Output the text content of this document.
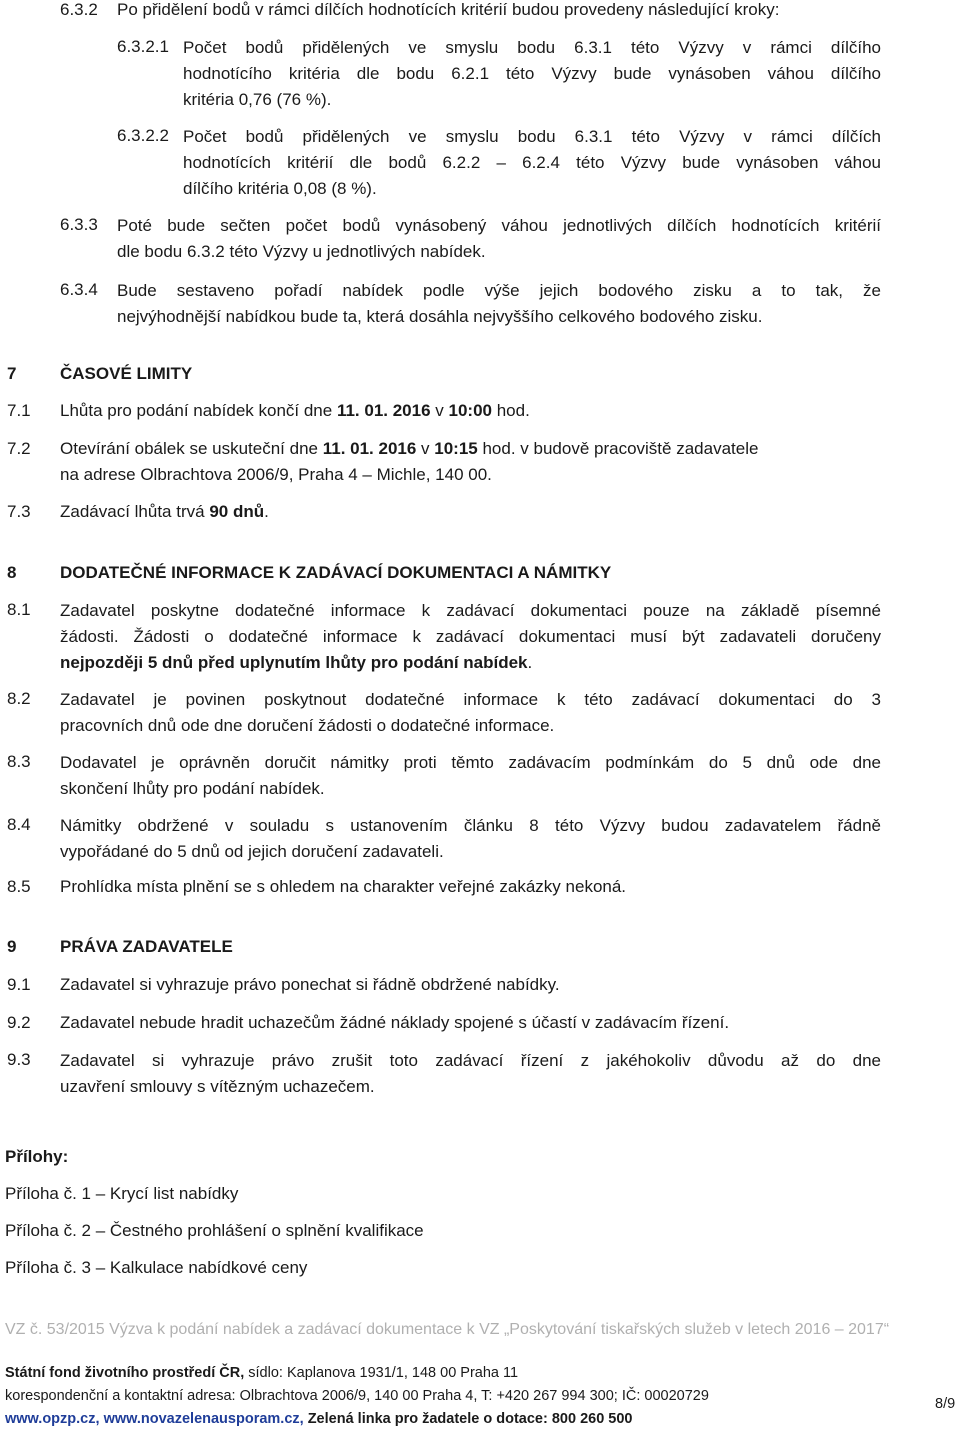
6.3.2 Po přidělení bodů v rámci dílčích hodnotících kritérií budou provedeny následující kroky:
6.3.2.1 Počet bodů přidělených ve smyslu bodu 6.3.1 této Výzvy v rámci dílčího
hodnotícího kritéria dle bodu 6.2.1 této Výzvy bude vynásoben váhou dílčího
kritéria 0,76 (76 %).
6.3.2.2 Počet bodů přidělených ve smyslu bodu 6.3.1 této Výzvy v rámci dílčích
hodnotících kritérií dle bodů 6.2.2 – 6.2.4 této Výzvy bude vynásoben váhou
dílčího kritéria 0,08 (8 %).
6.3.3 Poté bude sečten počet bodů vynásobený váhou jednotlivých dílčích hodnotících kritérií
dle bodu 6.3.2 této Výzvy u jednotlivých nabídek.
6.3.4 Bude sestaveno pořadí nabídek podle výše jejich bodového zisku a to tak, že
nejvýhodnější nabídkou bude ta, která dosáhla nejvyššího celkového bodového zisku.
7	ČASOVÉ LIMITY
7.1 Lhůta pro podání nabídek končí dne 11. 01. 2016 v 10:00 hod.
7.2 Otevírání obálek se uskuteční dne 11. 01. 2016 v 10:15 hod. v budově pracoviště zadavatele
na adrese Olbrachtova 2006/9, Praha 4 – Michle, 140 00.
7.3 Zadávací lhůta trvá 90 dnů.
8	DODATEČNÉ INFORMACE K ZADÁVACÍ DOKUMENTACI A NÁMITKY
8.1 Zadavatel poskytne dodatečné informace k zadávací dokumentaci pouze na základě písemné
žádosti. Žádosti o dodatečné informace k zadávací dokumentaci musí být zadavateli doručeny
nejpozději 5 dnů před uplynutím lhůty pro podání nabídek.
8.2 Zadavatel je povinen poskytnout dodatečné informace k této zadávací dokumentaci do 3
pracovních dnů ode dne doručení žádosti o dodatečné informace.
8.3 Dodavatel je oprávněn doručit námitky proti těmto zadávacím podmínkám do 5 dnů ode dne
skončení lhůty pro podání nabídek.
8.4 Námitky obdržené v souladu s ustanovením článku 8 této Výzvy budou zadavatelem řádně
vypořádané do 5 dnů od jejich doručení zadavateli.
8.5 Prohlídka místa plnění se s ohledem na charakter veřejné zakázky nekoná.
9	PRÁVA ZADAVATELE
9.1 Zadavatel si vyhrazuje právo ponechat si řádně obdržené nabídky.
9.2 Zadavatel nebude hradit uchazečům žádné náklady spojené s účastí v zadávacím řízení.
9.3 Zadavatel si vyhrazuje právo zrušit toto zadávací řízení z jakéhokoliv důvodu až do dne
uzavření smlouvy s vítězným uchazečem.
Přílohy:
Příloha č. 1 – Krycí list nabídky
Příloha č. 2 – Čestného prohlášení o splnění kvalifikace
Příloha č. 3 – Kalkulace nabídkové ceny
VZ č. 53/2015 Výzva k podání nabídek a zadávací dokumentace k VZ „Poskytování tiskařských služeb v letech 2016 – 2017“
Státní fond životního prostředí ČR, sídlo: Kaplanova 1931/1, 148 00 Praha 11
korespondenční a kontaktní adresa: Olbrachtova 2006/9, 140 00 Praha 4, T: +420 267 994 300; IČ: 00020729
www.opzp.cz, www.novazelenausporam.cz, Zelená linka pro žadatele o dotace: 800 260 500
8/9
